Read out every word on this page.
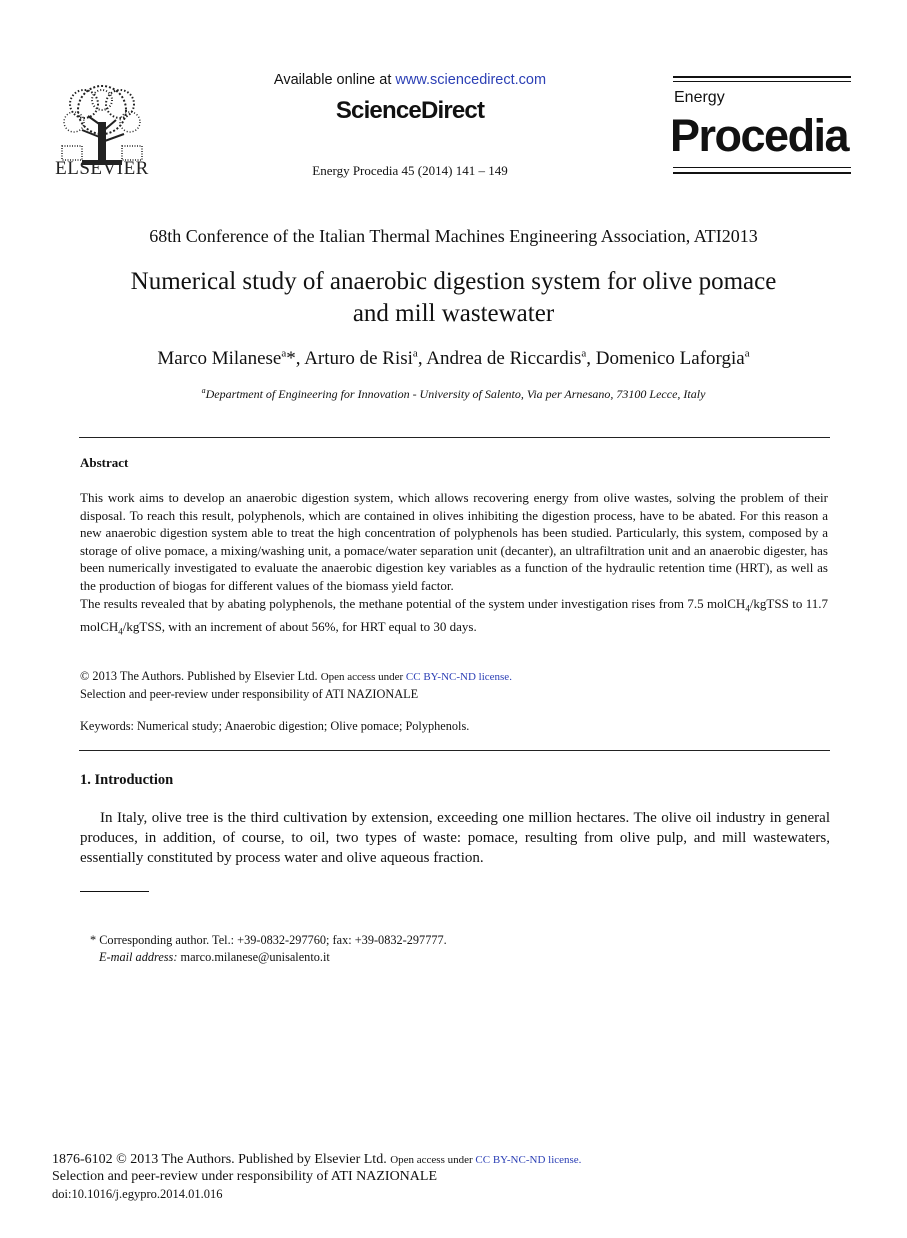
ELSEVIER
Available online at www.sciencedirect.com
ScienceDirect
Energy Procedia 45 (2014) 141 – 149
Energy
Procedia
68th Conference of the Italian Thermal Machines Engineering Association, ATI2013
Numerical study of anaerobic digestion system for olive pomace
and mill wastewater
Marco Milanese$^a$*, Arturo de Risi$^a$, Andrea de Riccardis$^a$, Domenico Laforgia$^a$
$^a$Department of Engineering for Innovation - University of Salento, Via per Arnesano, 73100 Lecce, Italy
Abstract

This work aims to develop an anaerobic digestion system, which allows recovering energy from olive wastes, solving the problem of their disposal. To reach this result, polyphenols, which are contained in olives inhibiting the digestion process, have to be abated. For this reason a new anaerobic digestion system able to treat the high concentration of polyphenols has been studied. Particularly, this system, composed by a storage of olive pomace, a mixing/washing unit, a pomace/water separation unit (decanter), an ultrafiltration unit and an anaerobic digester, has been numerically investigated to evaluate the anaerobic digestion key variables as a function of the hydraulic retention time (HRT), as well as the production of biogas for different values of the biomass yield factor.

The results revealed that by abating polyphenols, the methane potential of the system under investigation rises from 7.5 molCH$_4$/kgTSS to 11.7 molCH$_4$/kgTSS, with an increment of about 56%, for HRT equal to 30 days.

© 2013 The Authors. Published by Elsevier Ltd. Open access under CC BY-NC-ND license.
Selection and peer-review under responsibility of ATI NAZIONALE
Keywords: Numerical study; Anaerobic digestion; Olive pomace; Polyphenols.
1. Introduction
In Italy, olive tree is the third cultivation by extension, exceeding one million hectares. The olive oil industry in general produces, in addition, of course, to oil, two types of waste: pomace, resulting from olive pulp, and mill wastewaters, essentially constituted by process water and olive aqueous fraction.
* Corresponding author. Tel.: +39-0832-297760; fax: +39-0832-297777.
E-mail address: marco.milanese@unisalento.it
1876-6102 © 2013 The Authors. Published by Elsevier Ltd. Open access under CC BY-NC-ND license.
Selection and peer-review under responsibility of ATI NAZIONALE
doi:10.1016/j.egypro.2014.01.016
